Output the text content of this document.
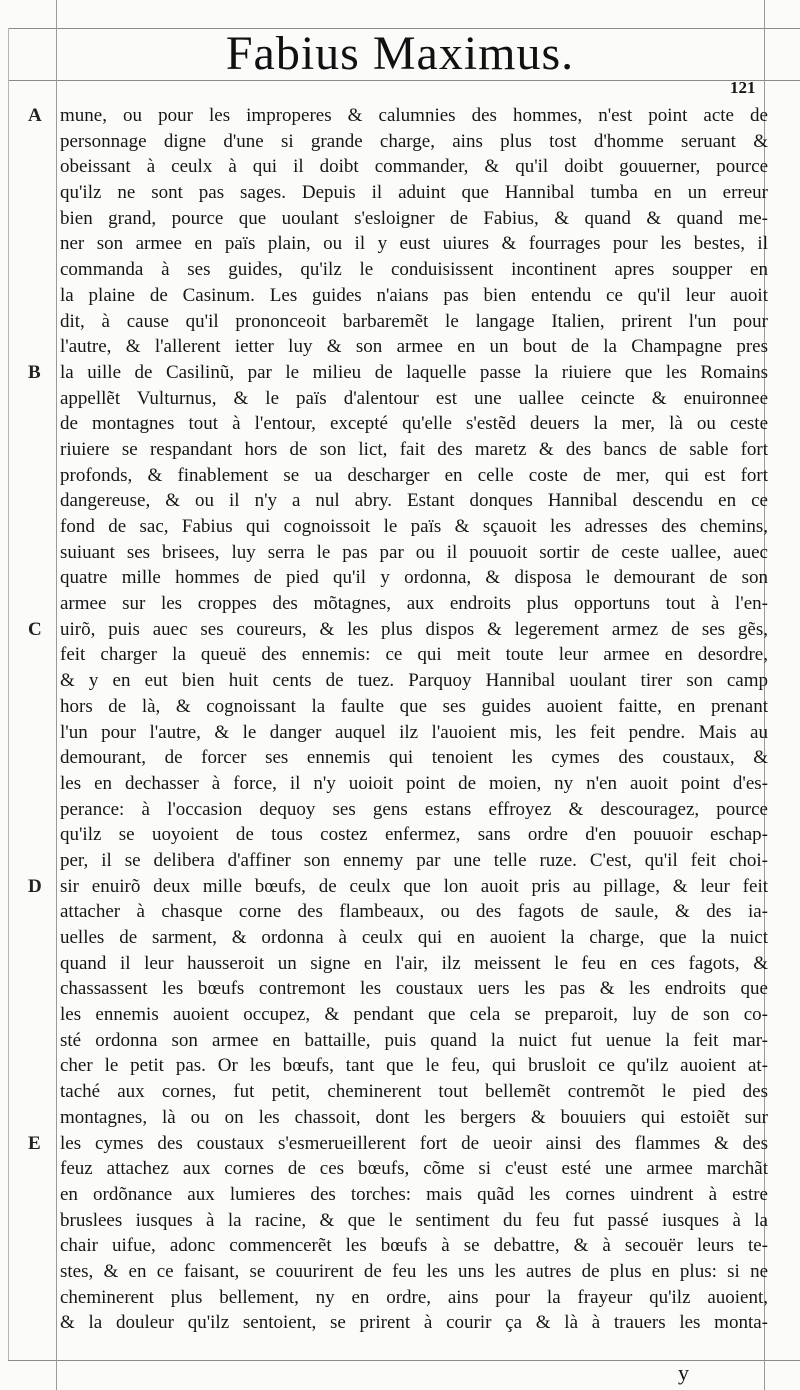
Fabius Maximus.
121
A
B
C
D
E
mune, ou pour les improperes & calumnies des hommes, n'est point acte de
personnage digne d'une si grande charge, ains plus tost d'homme seruant &
obeissant à ceulx à qui il doibt commander, & qu'il doibt gouuerner, pource
qu'ilz ne sont pas sages. Depuis il aduint que Hannibal tumba en un erreur
bien grand, pource que uoulant s'esloigner de Fabius, & quand & quand me-
ner son armee en païs plain, ou il y eust uiures & fourrages pour les bestes, il
commanda à ses guides, qu'ilz le conduisissent incontinent apres soupper en
la plaine de Casinum. Les guides n'aians pas bien entendu ce qu'il leur auoit
dit, à cause qu'il prononceoit barbaremẽt le langage Italien, prirent l'un pour
l'autre, & l'allerent ietter luy & son armee en un bout de la Champagne pres
la uille de Casilinũ, par le milieu de laquelle passe la riuiere que les Romains
appellẽt Vulturnus, & le païs d'alentour est une uallee ceincte & enuironnee
de montagnes tout à l'entour, excepté qu'elle s'estẽd deuers la mer, là ou ceste
riuiere se respandant hors de son lict, fait des maretz & des bancs de sable fort
profonds, & finablement se ua descharger en celle coste de mer, qui est fort
dangereuse, & ou il n'y a nul abry. Estant donques Hannibal descendu en ce
fond de sac, Fabius qui cognoissoit le païs & sçauoit les adresses des chemins,
suiuant ses brisees, luy serra le pas par ou il pouuoit sortir de ceste uallee, auec
quatre mille hommes de pied qu'il y ordonna, & disposa le demourant de son
armee sur les croppes des mõtagnes, aux endroits plus opportuns tout à l'en-
uirõ, puis auec ses coureurs, & les plus dispos & legerement armez de ses gẽs,
feit charger la queuë des ennemis: ce qui meit toute leur armee en desordre,
& y en eut bien huit cents de tuez. Parquoy Hannibal uoulant tirer son camp
hors de là, & cognoissant la faulte que ses guides auoient faitte, en prenant
l'un pour l'autre, & le danger auquel ilz l'auoient mis, les feit pendre. Mais au
demourant, de forcer ses ennemis qui tenoient les cymes des coustaux, &
les en dechasser à force, il n'y uoioit point de moien, ny n'en auoit point d'es-
perance: à l'occasion dequoy ses gens estans effroyez & descouragez, pource
qu'ilz se uoyoient de tous costez enfermez, sans ordre d'en pouuoir eschap-
per, il se delibera d'affiner son ennemy par une telle ruze. C'est, qu'il feit choi-
sir enuirõ deux mille bœufs, de ceulx que lon auoit pris au pillage, & leur feit
attacher à chasque corne des flambeaux, ou des fagots de saule, & des ia-
uelles de sarment, & ordonna à ceulx qui en auoient la charge, que la nuict
quand il leur hausseroit un signe en l'air, ilz meissent le feu en ces fagots, &
chassassent les bœufs contremont les coustaux uers les pas & les endroits que
les ennemis auoient occupez, & pendant que cela se preparoit, luy de son co-
sté ordonna son armee en battaille, puis quand la nuict fut uenue la feit mar-
cher le petit pas. Or les bœufs, tant que le feu, qui brusloit ce qu'ilz auoient at-
taché aux cornes, fut petit, cheminerent tout bellemẽt contremõt le pied des
montagnes, là ou on les chassoit, dont les bergers & bouuiers qui estoiẽt sur
les cymes des coustaux s'esmerueillerent fort de ueoir ainsi des flammes & des
feuz attachez aux cornes de ces bœufs, cõme si c'eust esté une armee marchãt
en ordõnance aux lumieres des torches: mais quãd les cornes uindrent à estre
bruslees iusques à la racine, & que le sentiment du feu fut passé iusques à la
chair uifue, adonc commencerẽt les bœufs à se debattre, & à secouër leurs te-
stes, & en ce faisant, se couurirent de feu les uns les autres de plus en plus: si ne
cheminerent plus bellement, ny en ordre, ains pour la frayeur qu'ilz auoient,
& la douleur qu'ilz sentoient, se prirent à courir ça & là à trauers les monta-
y
